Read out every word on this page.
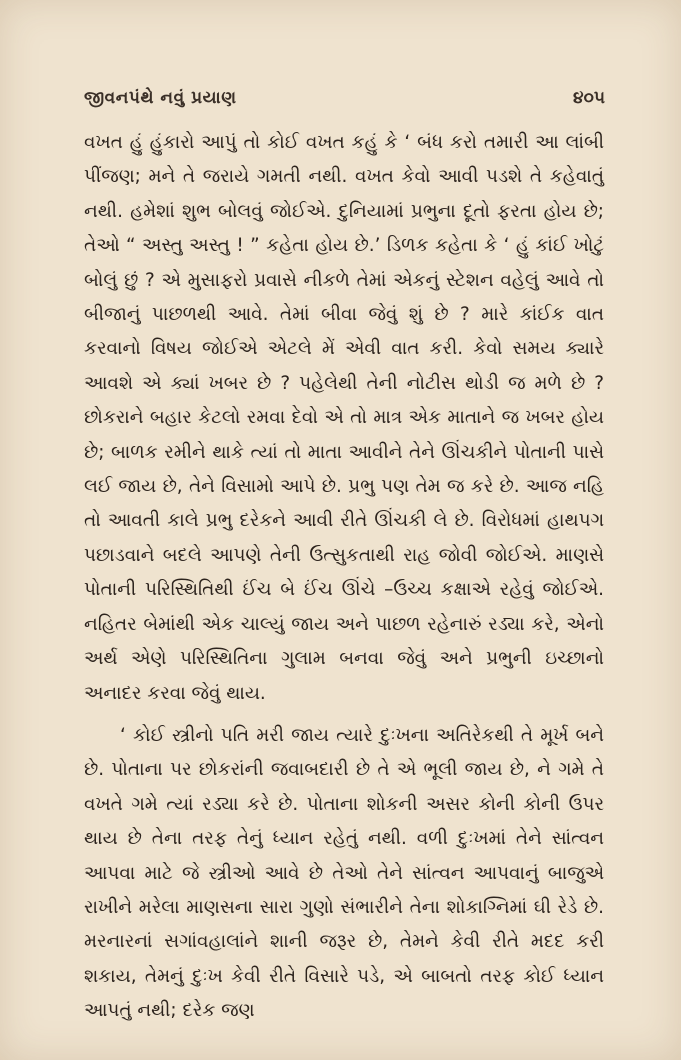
જીવનપંથે નવું પ્રયાણ	૪૦૫

વખત હું હુંકારો આપું તો કોઈ વખત કહું કે ‘ બંધ કરો તમારી આ લાંબી પીંજણ; મને તે જરાયે ગમતી નથી. વખત કેવો આવી પડશે તે કહેવાતું નથી. હમેશાં શુભ બોલવું જોઈએ. દુનિયામાં પ્રભુના દૂતો ફરતા હોય છે; તેઓ “ અસ્તુ અસ્તુ ! ” કહેતા હોય છે.’ ડિળક કહેતા કે ‘ હું કાંઈ ખોટું બોલું છું ? એ મુસાફરો પ્રવાસે નીકળે તેમાં એકનું સ્ટેશન વહેલું આવે તો બીજાનું પાછળથી આવે. તેમાં બીવા જેવું શું છે ? મારે કાંઈક વાત કરવાનો વિષય જોઈએ એટલે મેં એવી વાત કરી. કેવો સમય ક્યારે આવશે એ ક્યાં ખબર છે ? પહેલેથી તેની નોટીસ થોડી જ મળે છે ? છોકરાને બહાર કેટલો રમવા દેવો એ તો માત્ર એક માતાને જ ખબર હોય છે; બાળક રમીને થાકે ત્યાં તો માતા આવીને તેને ઊંચકીને પોતાની પાસે લઈ જાય છે, તેને વિસામો આપે છે. પ્રભુ પણ તેમ જ કરે છે. આજ નહિ તો આવતી કાલે પ્રભુ દરેકને આવી રીતે ઊંચકી લે છે. વિરોધમાં હાથપગ પછાડવાને બદલે આપણે તેની ઉત્સુકતાથી રાહ જોવી જોઈએ. માણસે પોતાની પરિસ્થિતિથી ઈંચ બે ઈંચ ઊંચે –ઉચ્ચ કક્ષાએ રહેવું જોઈએ. નહિતર બેમાંથી એક ચાલ્યું જાય અને પાછળ રહેનારું રડ્યા કરે, એનો અર્થ એણે પરિસ્થિતિના ગુલામ બનવા જેવું અને પ્રભુની ઇચ્છાનો અનાદર કરવા જેવું થાય.

‘ કોઈ સ્ત્રીનો પતિ મરી જાય ત્યારે દુઃખના અતિરેકથી તે મૂર્ખ બને છે. પોતાના પર છોકરાંની જવાબદારી છે તે એ ભૂલી જાય છે, ને ગમે તે વખતે ગમે ત્યાં રડ્યા કરે છે. પોતાના શોકની અસર કોની કોની ઉપર થાય છે તેના તરફ તેનું ધ્યાન રહેતું નથી. વળી દુઃખમાં તેને સાંત્વન આપવા માટે જે સ્ત્રીઓ આવે છે તેઓ તેને સાંત્વન આપવાનું બાજુએ રાખીને મરેલા માણસના સારા ગુણો સંભારીને તેના શોકાગ્નિમાં ઘી રેડે છે. મરનારનાં સગાંવહાલાંને શાની જરૂર છે, તેમને કેવી રીતે મદદ કરી શકાય, તેમનું દુઃખ કેવી રીતે વિસારે પડે, એ બાબતો તરફ કોઈ ધ્યાન આપતું નથી; દરેક જણ
